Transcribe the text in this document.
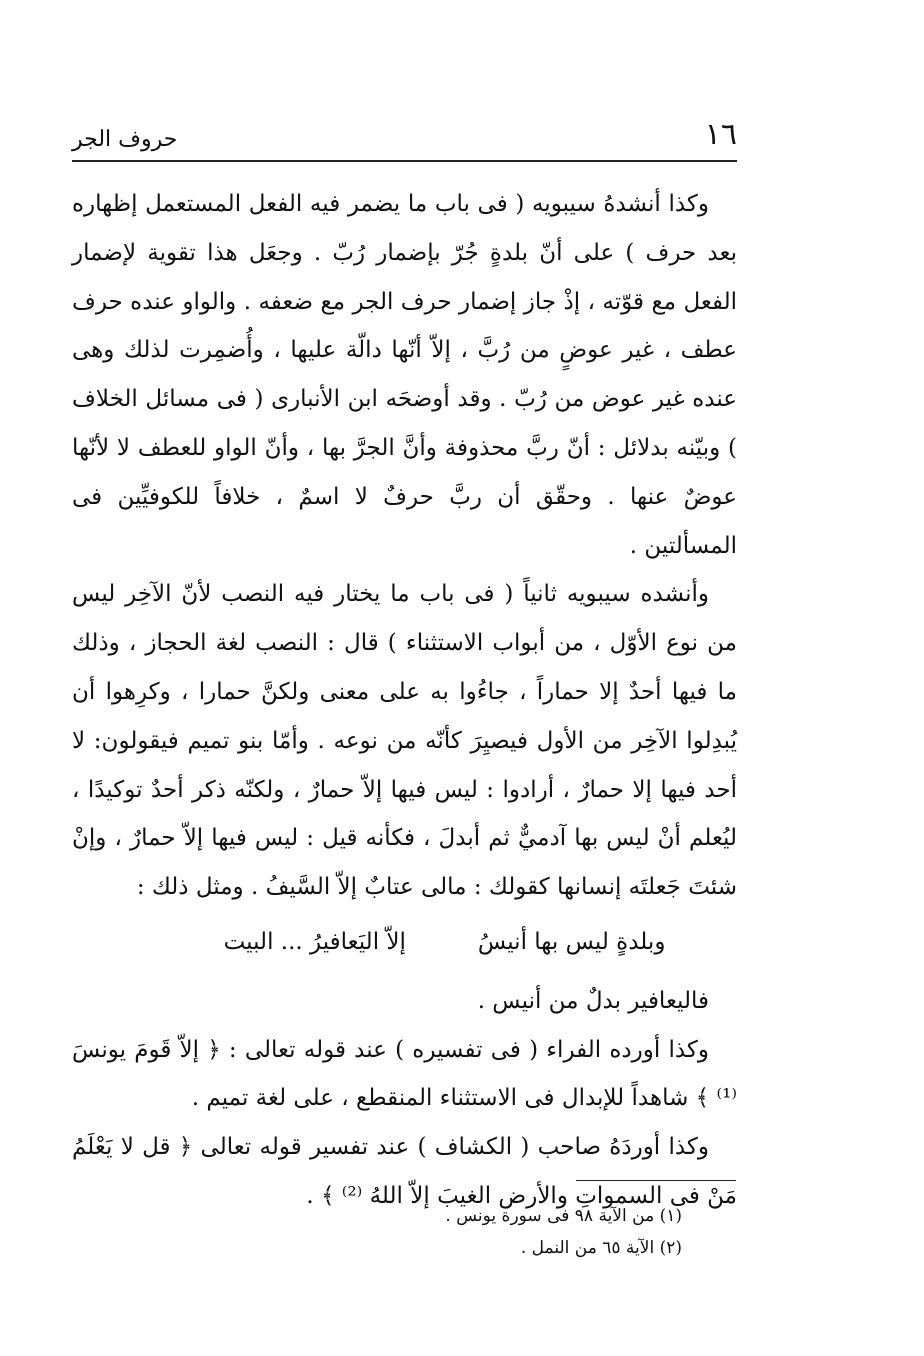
١٦
حروف الجر

وكذا أنشدهُ سيبويه ( فى باب ما يضمر فيه الفعل المستعمل إظهاره بعد حرف ) على أنّ بلدةٍ جُرّ بإضمار رُبّ . وجعَل هذا تقوية لإضمار الفعل مع قوّته ، إذْ جاز إضمار حرف الجر مع ضعفه . والواو عنده حرف عطف ، غير عوضٍ من رُبَّ ، إلاّ أنّها دالّة عليها ، وأُضمِرت لذلك وهى عنده غير عوض من رُبّ . وقد أوضحَه ابن الأنبارى ( فى مسائل الخلاف ) وبيّنه بدلائل : أنّ ربَّ محذوفة وأنَّ الجرَّ بها ، وأنّ الواو للعطف لا لأنّها عوضٌ عنها . وحقّق أن ربَّ حرفٌ لا اسمٌ ، خلافاً للكوفيِّين فى المسألتين .

وأنشده سيبويه ثانياً ( فى باب ما يختار فيه النصب لأنّ الآخِر ليس من نوع الأوّل ، من أبواب الاستثناء ) قال : النصب لغة الحجاز ، وذلك ما فيها أحدٌ إلا حماراً ، جاءُوا به على معنى ولكنَّ حمارا ، وكرِهوا أن يُبدِلوا الآخِر من الأول فيصيِرَ كأنّه من نوعه . وأمّا بنو تميم فيقولون: لا أحد فيها إلا حمارٌ ، أرادوا : ليس فيها إلاّ حمارٌ ، ولكنّه ذكر أحدٌ توكيدًا ، ليُعلم أنْ ليس بها آدميٌّ ثم أبدلَ ، فكأنه قيل : ليس فيها إلاّ حمارٌ ، وإنْ شئتَ جَعلتَه إنسانها كقولك : مالى عتابٌ إلاّ السَّيفُ . ومثل ذلك :

وبلدةٍ ليس بها أنيسُ
إلاّ اليَعافيرُ ... البيت

فاليعافير بدلٌ من أنيس .

وكذا أورده الفراء ( فى تفسيره ) عند قوله تعالى : ﴿ إلاّ قَومَ يونسَ ⁽¹⁾ ﴾ شاهداً للإبدال فى الاستثناء المنقطع ، على لغة تميم .

وكذا أوردَهُ صاحب ( الكشاف ) عند تفسير قوله تعالى ﴿ قل لا يَعْلَمُ مَنْ فى السمواتِ والأرض الغيبَ إلاّ اللهُ ⁽²⁾ ﴾ .

(١) من الآية ٩٨ فى سورة يونس .
(٢) الآية ٦٥ من النمل .
